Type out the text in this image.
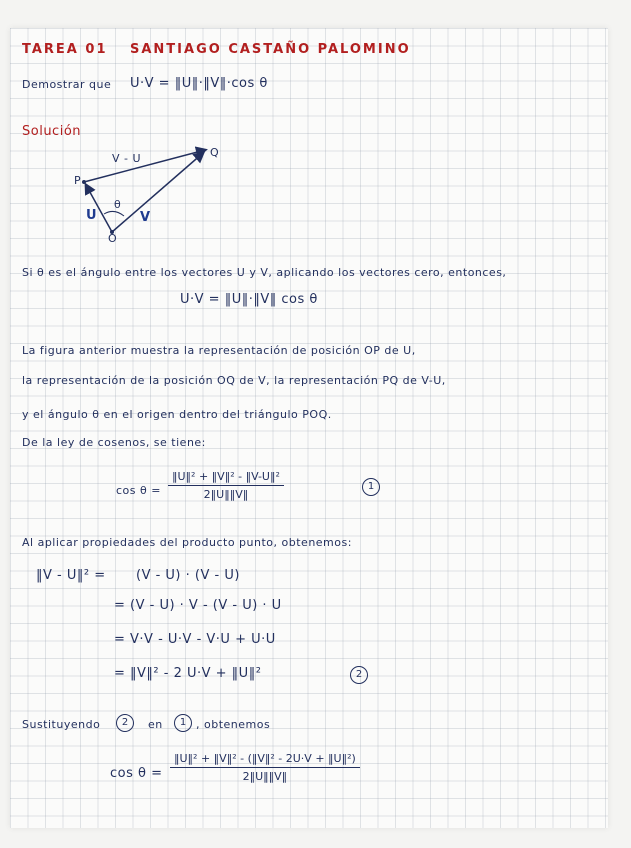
TAREA 01 SANTIAGO CASTAÑO PALOMINO
Demostrar que U·V = ‖U‖·‖V‖·cos θ
Solución
V - U
P
Q
O
U	V
θ
Si θ es el ángulo entre los vectores U y V, aplicando los vectores cero, entonces,
U·V = ‖U‖·‖V‖ cos θ
La figura anterior muestra la representación de posición OP de U,
la representación de la posición OQ de V, la representación PQ de V-U,
y el ángulo θ en el origen dentro del triángulo POQ.
De la ley de cosenos, se tiene:
$\cos \theta = \frac{\text{‖U‖² + ‖V‖² - ‖V-U‖²}}{2‖U‖‖V‖}$	1
Al aplicar propiedades del producto punto, obtenemos:
‖V - U‖² = (V - U) · (V - U)
= (V - U) · V - (V - U) · U
= V·V - U·V - V·U + U·U
= ‖V‖² - 2 U·V + ‖U‖²	2
Sustituyendo	2	en	1 , obtenemos
$\cos \theta = \frac{\text{‖U‖² + ‖V‖² - (‖V‖² - 2U·V + ‖U‖²)}}{2‖U‖‖V‖}$
